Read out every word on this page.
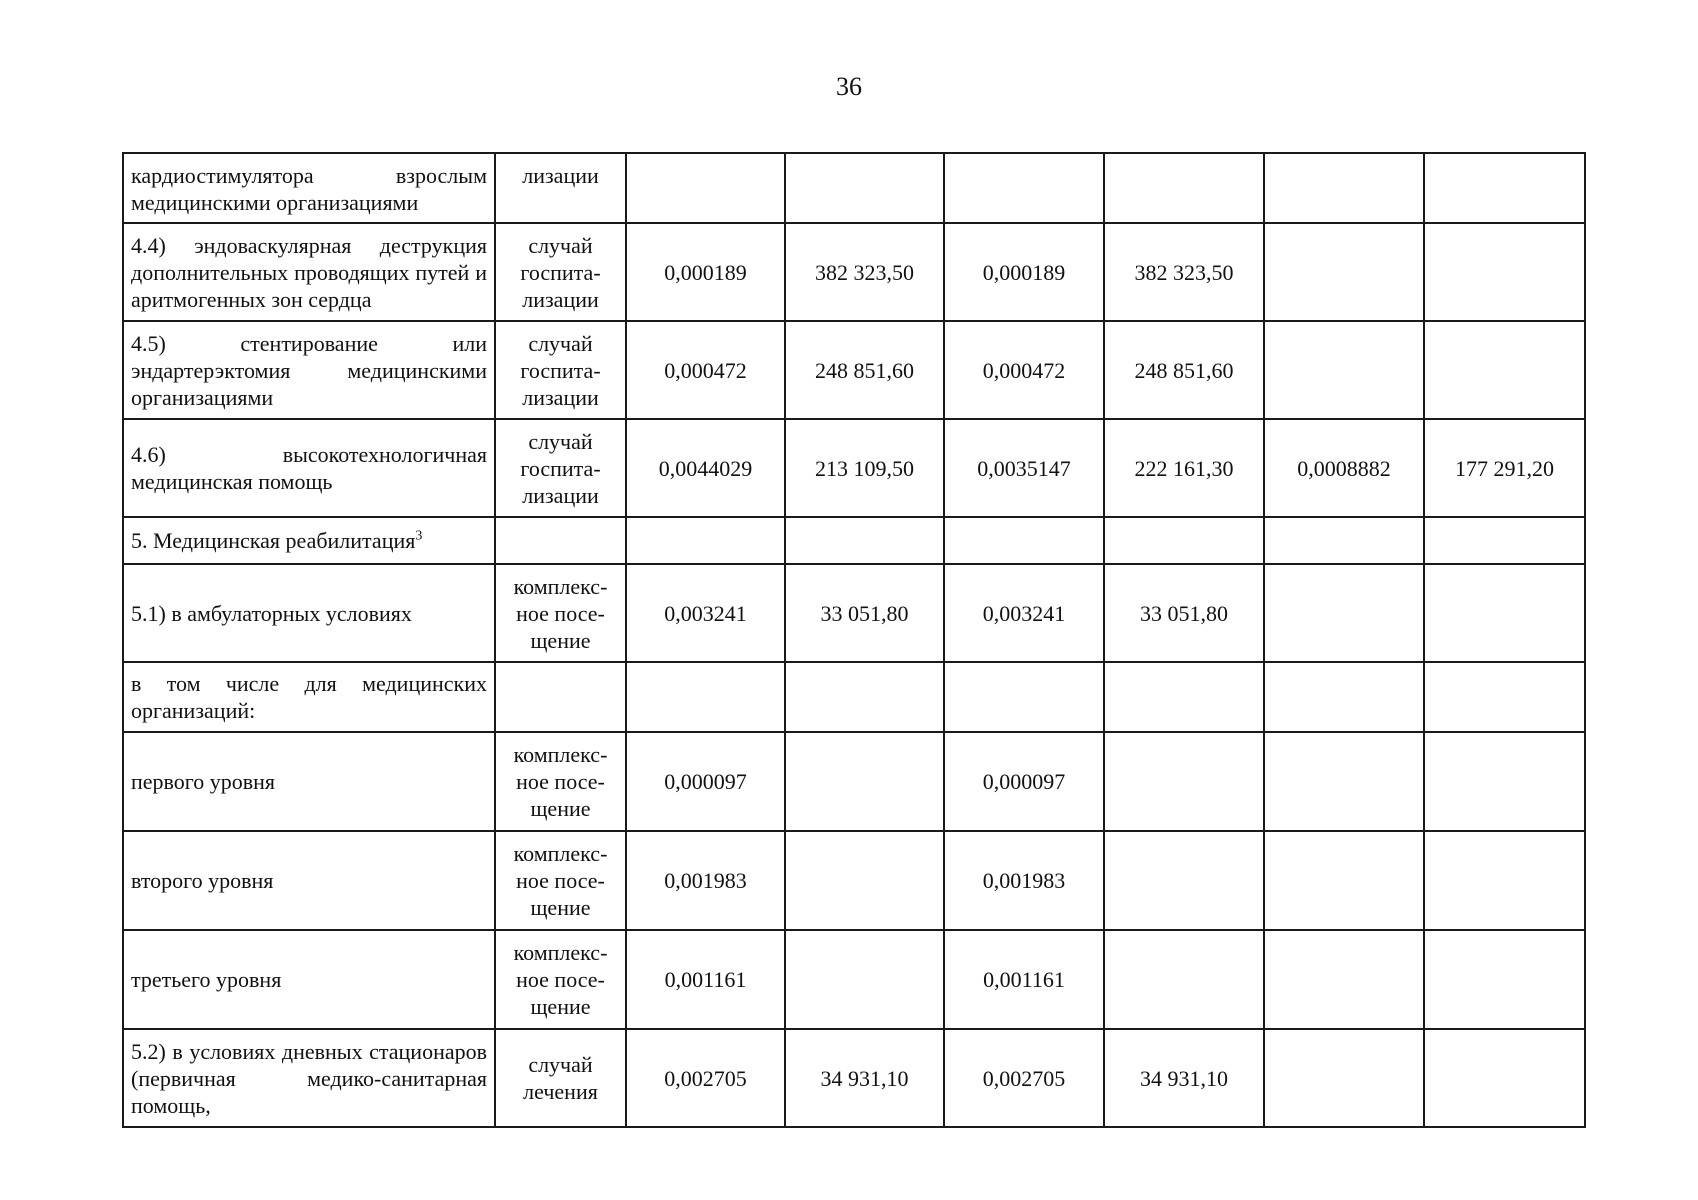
36
кардиостимулятора взрослым медицинскими организациями	лизации						
4.4) эндоваскулярная деструкция дополнительных проводящих путей и аритмогенных зон сердца	случай госпита-лизации	0,000189	382 323,50	0,000189	382 323,50		
4.5) стентирование или эндартерэктомия медицинскими организациями	случай госпита-лизации	0,000472	248 851,60	0,000472	248 851,60		
4.6) высокотехнологичная медицинская помощь	случай госпита-лизации	0,0044029	213 109,50	0,0035147	222 161,30	0,0008882	177 291,20
5. Медицинская реабилитация$^3$							
5.1) в амбулаторных условиях	комплекс-ное посе-щение	0,003241	33 051,80	0,003241	33 051,80		
в том числе для медицинских организаций:							
первого уровня	комплекс-ное посе-щение	0,000097		0,000097			
второго уровня	комплекс-ное посе-щение	0,001983		0,001983			
третьего уровня	комплекс-ное посе-щение	0,001161		0,001161			
5.2) в условиях дневных стационаров (первичная медико-санитарная помощь,	случай лечения	0,002705	34 931,10	0,002705	34 931,10		
